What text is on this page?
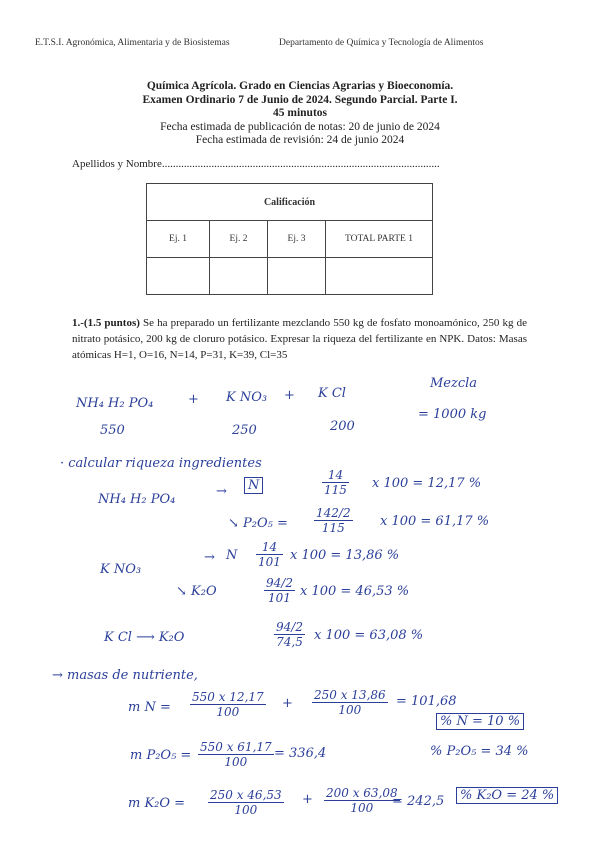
E.T.S.I. Agronómica, Alimentaria y de Biosistemas	Departamento de Química y Tecnología de Alimentos
Química Agrícola. Grado en Ciencias Agrarias y Bioeconomía.
Examen Ordinario 7 de Junio de 2024. Segundo Parcial. Parte I.
45 minutos
Fecha estimada de publicación de notas: 20 de junio de 2024
Fecha estimada de revisión: 24 de junio 2024
Apellidos y Nombre.....................................................................................................
Calificación			
Ej. 1	Ej. 2	Ej. 3	TOTAL PARTE 1

1.-(1.5 puntos) Se ha preparado un fertilizante mezclando 550 kg de fosfato monoamónico, 250 kg de nitrato potásico, 200 kg de cloruro potásico. Expresar la riqueza del fertilizante en NPK. Datos: Masas atómicas H=1, O=16, N=14, P=31, K=39, Cl=35
NH₄ H₂ PO₄	+ K NO₃ + K Cl
Mezcla
550	250	200
= 1000 kg
· calcular riqueza ingredientes
NH₄ H₂ PO₄
→	N	$\frac{14}{115}$ x 100 = 12,17 %
↘ $P_2O_5 = \frac{142/2}{115}$ x 100 = 61,17 %
K NO₃
→ N $\frac{14}{101}$ x 100 = 13,86 %
↘ K₂O	$\frac{94/2}{101}$ x 100 = 46,53 %
K Cl ⟶ K₂O	$\frac{94/2}{74,5}$ x 100 = 63,08 %
→ masas de nutriente,
m $N = \frac{550 x 12,17}{100} + \frac{250 x 13,86}{100} = 101,68$
% N = 10 %
m $P_2O_5 = \frac{550 x 61,17}{100} = 336,4$	% P₂O₅ = 34 %
m $K_2O = \frac{250 x 46,53}{100} + \frac{200 x 63,08}{100}$
= 242,5	% K₂O = 24 %
